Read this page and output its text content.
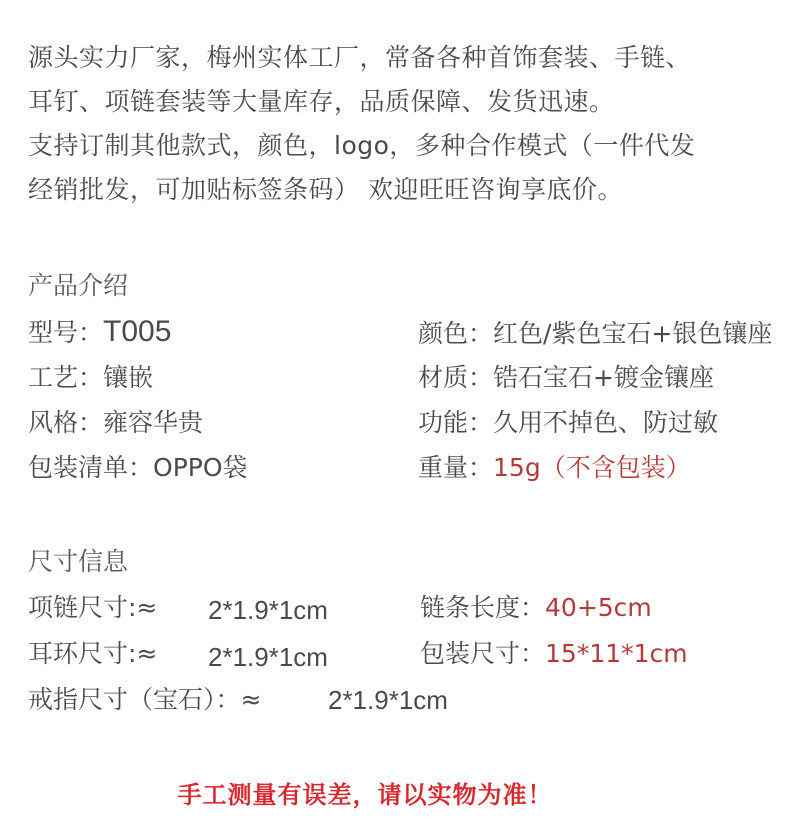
源头实力厂家，梅州实体工厂，常备各种首饰套装、手链、
耳钉、项链套装等大量库存，品质保障、发货迅速。
支持订制其他款式，颜色，logo，多种合作模式（一件代发
经销批发，可加贴标签条码） 欢迎旺旺咨询享底价。
产品介绍
型号：T005	颜色：红色/紫色宝石+银色镶座
工艺：镶嵌	材质：锆石宝石+镀金镶座
风格：雍容华贵	功能：久用不掉色、防过敏
包装清单：OPPO袋	重量：15g（不含包装）
尺寸信息
项链尺寸:≈ 2*1.9*1cm	链条长度：40+5cm
耳环尺寸:≈ 2*1.9*1cm	包装尺寸：15*11*1cm
戒指尺寸（宝石）：≈	2*1.9*1cm
手工测量有误差，请以实物为准！
